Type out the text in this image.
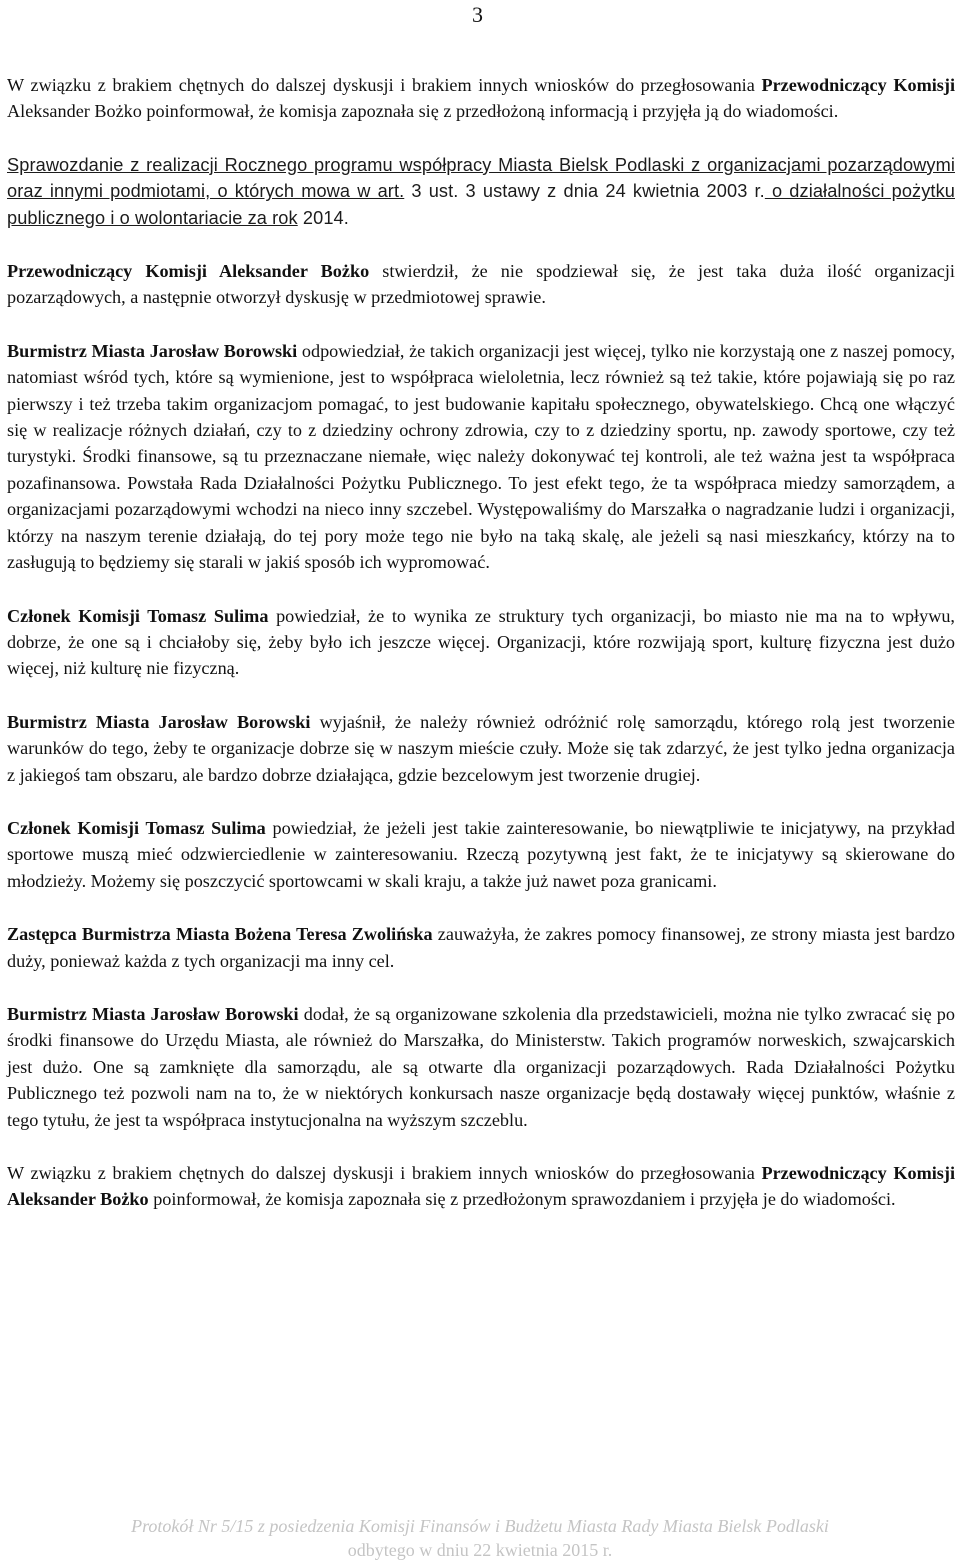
3

W związku z brakiem chętnych do dalszej dyskusji i brakiem innych wniosków do przegłosowania Przewodniczący Komisji Aleksander Bożko poinformował, że komisja zapoznała się z przedłożoną informacją i przyjęła ją do wiadomości.

Sprawozdanie z realizacji Rocznego programu współpracy Miasta Bielsk Podlaski z organizacjami pozarządowymi oraz innymi podmiotami, o których mowa w art. 3 ust. 3 ustawy z dnia 24 kwietnia 2003 r. o działalności pożytku publicznego i o wolontariacie za rok 2014.

Przewodniczący Komisji Aleksander Bożko stwierdził, że nie spodziewał się, że jest taka duża ilość organizacji pozarządowych, a następnie otworzył dyskusję w przedmiotowej sprawie.

Burmistrz Miasta Jarosław Borowski odpowiedział, że takich organizacji jest więcej, tylko nie korzystają one z naszej pomocy, natomiast wśród tych, które są wymienione, jest to współpraca wieloletnia, lecz również są też takie, które pojawiają się po raz pierwszy i też trzeba takim organizacjom pomagać, to jest budowanie kapitału społecznego, obywatelskiego. Chcą one włączyć się w realizacje różnych działań, czy to z dziedziny ochrony zdrowia, czy to z dziedziny sportu, np. zawody sportowe, czy też turystyki. Środki finansowe, są tu przeznaczane niemałe, więc należy dokonywać tej kontroli, ale też ważna jest ta współpraca pozafinansowa. Powstała Rada Działalności Pożytku Publicznego. To jest efekt tego, że ta współpraca miedzy samorządem, a organizacjami pozarządowymi wchodzi na nieco inny szczebel. Występowaliśmy do Marszałka o nagradzanie ludzi i organizacji, którzy na naszym terenie działają, do tej pory może tego nie było na taką skalę, ale jeżeli są nasi mieszkańcy, którzy na to zasługują to będziemy się starali w jakiś sposób ich wypromować.

Członek Komisji Tomasz Sulima powiedział, że to wynika ze struktury tych organizacji, bo miasto nie ma na to wpływu, dobrze, że one są i chciałoby się, żeby było ich jeszcze więcej. Organizacji, które rozwijają sport, kulturę fizyczna jest dużo więcej, niż kulturę nie fizyczną.

Burmistrz Miasta Jarosław Borowski wyjaśnił, że należy również odróżnić rolę samorządu, którego rolą jest tworzenie warunków do tego, żeby te organizacje dobrze się w naszym mieście czuły. Może się tak zdarzyć, że jest tylko jedna organizacja z jakiegoś tam obszaru, ale bardzo dobrze działająca, gdzie bezcelowym jest tworzenie drugiej.

Członek Komisji Tomasz Sulima powiedział, że jeżeli jest takie zainteresowanie, bo niewątpliwie te inicjatywy, na przykład sportowe muszą mieć odzwierciedlenie w zainteresowaniu. Rzeczą pozytywną jest fakt, że te inicjatywy są skierowane do młodzieży. Możemy się poszczycić sportowcami w skali kraju, a także już nawet poza granicami.

Zastępca Burmistrza Miasta Bożena Teresa Zwolińska zauważyła, że zakres pomocy finansowej, ze strony miasta jest bardzo duży, ponieważ każda z tych organizacji ma inny cel.

Burmistrz Miasta Jarosław Borowski dodał, że są organizowane szkolenia dla przedstawicieli, można nie tylko zwracać się po środki finansowe do Urzędu Miasta, ale również do Marszałka, do Ministerstw. Takich programów norweskich, szwajcarskich jest dużo. One są zamknięte dla samorządu, ale są otwarte dla organizacji pozarządowych. Rada Działalności Pożytku Publicznego też pozwoli nam na to, że w niektórych konkursach nasze organizacje będą dostawały więcej punktów, właśnie z tego tytułu, że jest ta współpraca instytucjonalna na wyższym szczeblu.

W związku z brakiem chętnych do dalszej dyskusji i brakiem innych wniosków do przegłosowania Przewodniczący Komisji Aleksander Bożko poinformował, że komisja zapoznała się z przedłożonym sprawozdaniem i przyjęła je do wiadomości.

Protokół Nr 5/15 z posiedzenia Komisji Finansów i Budżetu Miasta Rady Miasta Bielsk Podlaski
odbytego w dniu 22 kwietnia 2015 r.
